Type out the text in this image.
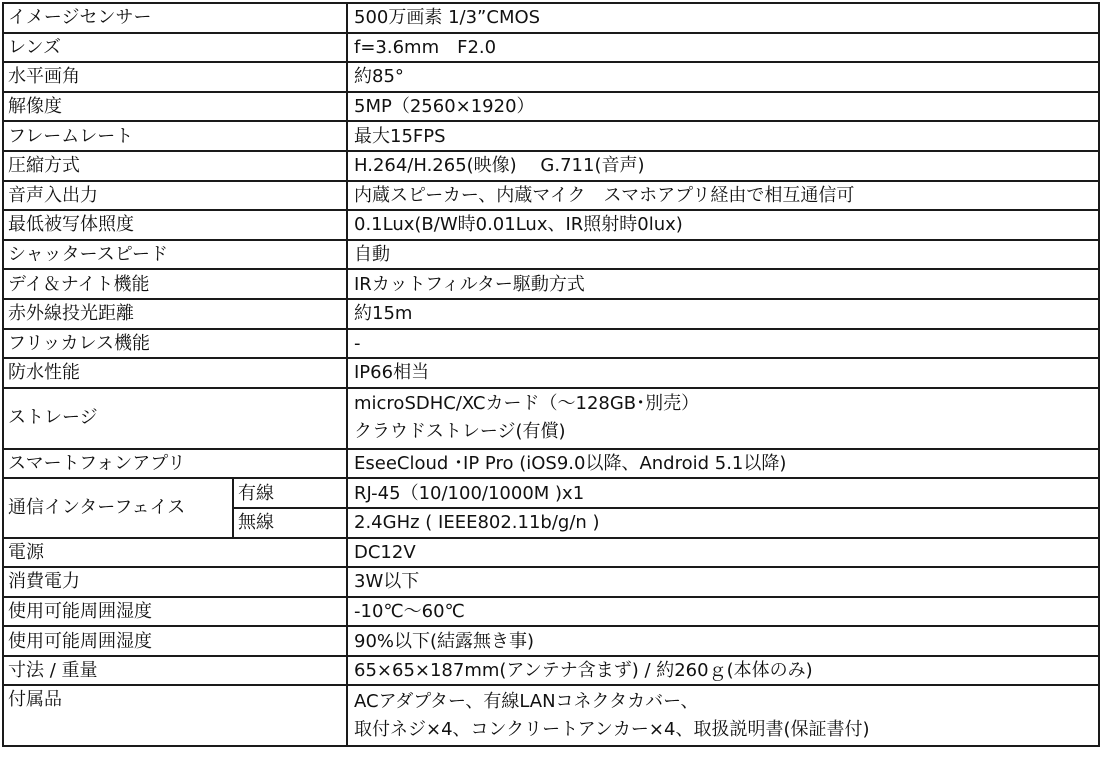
イメージセンサー		500万画素 1/3”CMOS
レンズ		f=3.6mm　F2.0
水平画角		約85°
解像度		5MP（2560×1920）
フレームレート		最大15FPS
圧縮方式		H.264/H.265(映像)　 G.711(音声)
音声入出力		内蔵スピーカー、内蔵マイク　スマホアプリ経由で相互通信可
最低被写体照度		0.1Lux(B/W時0.01Lux、IR照射時0lux)
シャッタースピード		自動
デイ＆ナイト機能		IRカットフィルター駆動方式
赤外線投光距離		約15m
フリッカレス機能		-
防水性能		IP66相当
ストレージ		microSDHC/XCカード（～128GB･別売）
クラウドストレージ(有償)

スマートフォンアプリ		EseeCloud ･IP Pro (iOS9.0以降、Android 5.1以降)
通信インターフェイス	有線	RJ-45（10/100/1000M )x1
	無線	2.4GHz ( IEEE802.11b/g/n )
電源		DC12V
消費電力		3W以下
使用可能周囲湿度		-10℃～60℃
使用可能周囲湿度		90%以下(結露無き事)
寸法 / 重量		65×65×187mm(アンテナ含まず) / 約260ｇ(本体のみ)
付属品		ACアダプター、有線LANコネクタカバー、
取付ネジ×4、コンクリートアンカー×4、取扱説明書(保証書付)
